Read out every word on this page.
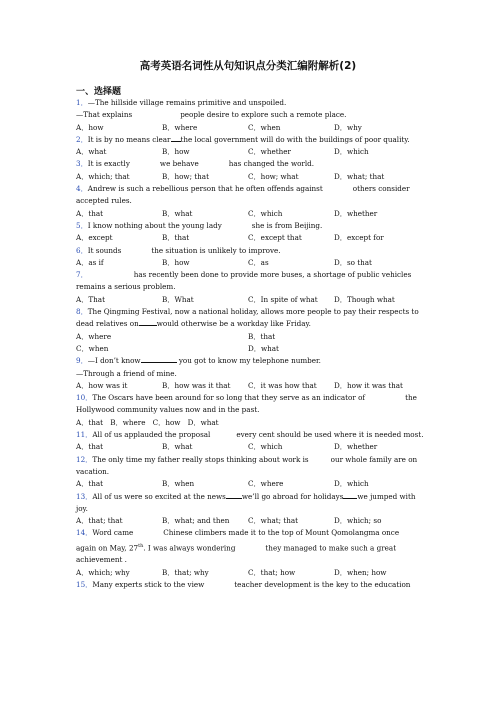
高考英语名词性从句知识点分类汇编附解析(2)
一、选择题
1．—The hillside village remains primitive and unspoiled.
—That explains	people desire to explore such a remote place.
A．how	B．where	C．when	D．why
2．It is by no means clear the local government will do with the buildings of poor quality.
A．what	B．how	C．whether	D．which
3．It is exactly	we behave	has changed the world.
A．which; that	B．how; that	C．how; what	D．what; that
4．Andrew is such a rebellious person that he often offends against	others consider accepted rules.
A．that	B．what	C．which	D．whether
5．I know nothing about the young lady	she is from Beijing.
A．except	B．that	C．except that	D．except for
6．It sounds	the situation is unlikely to improve.
A．as if	B．how	C．as	D．so that
7．	has recently been done to provide more buses, a shortage of public vehicles remains a serious problem.
A．That	B．What	C．In spite of what	D．Though what
8．The Qingming Festival, now a national holiday, allows more people to pay their respects to dead relatives on	would otherwise be a workday like Friday.
A．where	B．that
C．when	D．what
9．—I don’t know	you got to know my telephone number.
—Through a friend of mine.
A．how was it	B．how was it that	C．it was how that	D．how it was that
10．The Oscars have been around for so long that they serve as an indicator of	the Hollywood community values now and in the past.
A．that　B．where　C．how　D．what
11．All of us applauded the proposal	every cent should be used where it is needed most.
A．that	B．what	C．which	D．whether
12．The only time my father really stops thinking about work is	our whole family are on vacation.
A．that	B．when	C．where	D．which
13．All of us were so excited at the news we’ll go abroad for holidays we jumped with joy.
A．that; that	B．what; and then	C．what; that	D．which; so
14．Word came	Chinese climbers made it to the top of Mount Qomolangma once again on May, 27th. I was always wondering	they managed to make such a great achievement .
A．which; why	B．that; why	C．that; how	D．when; how
15．Many experts stick to the view	teacher development is the key to the education
